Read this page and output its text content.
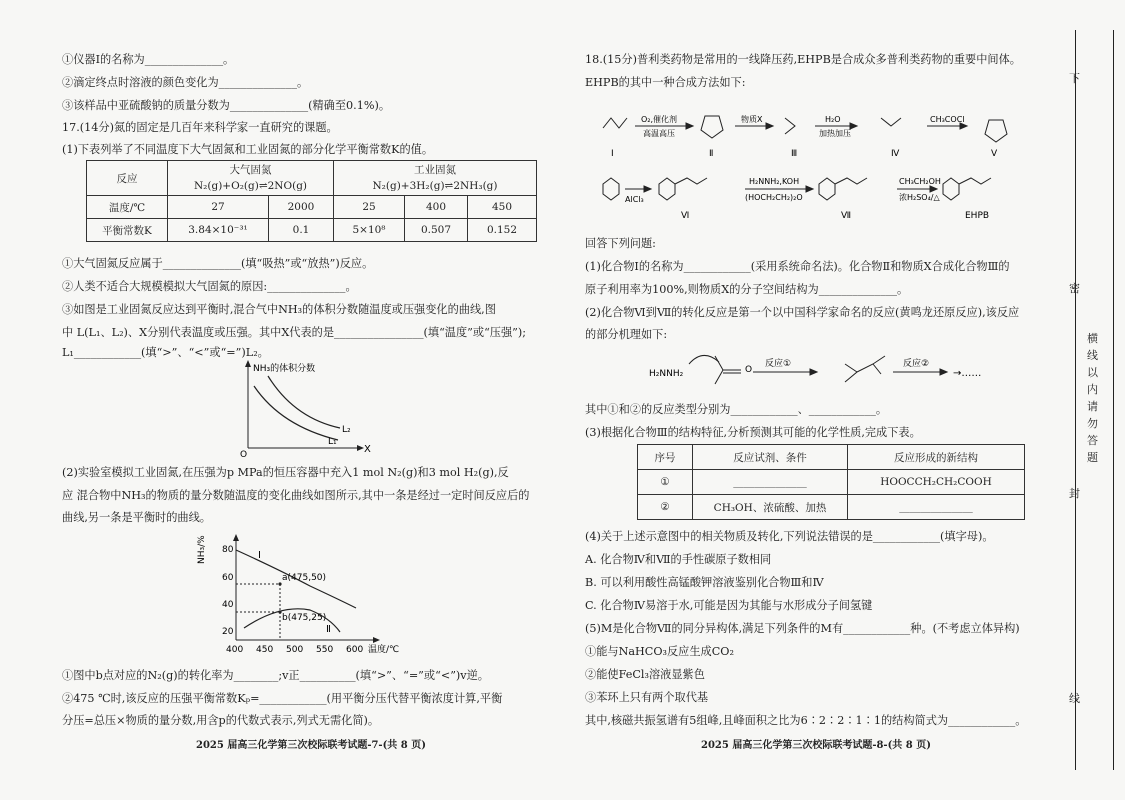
①仪器Ⅰ的名称为______________。
②滴定终点时溶液的颜色变化为______________。
③该样品中亚硫酸钠的质量分数为______________(精确至0.1%)。
17.(14分)氮的固定是几百年来科学家一直研究的课题。
(1)下表列举了不同温度下大气固氮和工业固氮的部分化学平衡常数K的值。
反应	大气固氮		工业固氮		
	N₂(g)+O₂(g)⇌2NO(g)		N₂(g)+3H₂(g)⇌2NH₃(g)		
温度/℃	27	2000	25	400	450
平衡常数K	3.84×10⁻³¹	0.1	5×10⁸	0.507	0.152
①大气固氮反应属于______________(填“吸热”或“放热”)反应。
②人类不适合大规模模拟大气固氮的原因:______________。
③如图是工业固氮反应达到平衡时,混合气中NH₃的体积分数随温度或压强变化的曲线,图
中 L(L₁、L₂)、X分别代表温度或压强。其中X代表的是________________(填“温度”或“压强”);
L₁____________(填“>”、“<”或“=”)L₂。
NH₃的体积分数
X
O
L₁
L₂
(2)实验室模拟工业固氮,在压强为p MPa的恒压容器中充入1 mol N₂(g)和3 mol H₂(g),反
应 混合物中NH₃的物质的量分数随温度的变化曲线如图所示,其中一条是经过一定时间反应后的
曲线,另一条是平衡时的曲线。
80
60
40
20
400 450 500 550 600
NH₃/%
温度/℃
Ⅰ
Ⅱ
a(475,50)
b(475,25)
①图中b点对应的N₂(g)的转化率为________;v正__________(填“>”、“=”或“<”)v逆。
②475 ℃时,该反应的压强平衡常数Kₚ=____________(用平衡分压代替平衡浓度计算,平衡
分压=总压×物质的量分数,用含p的代数式表示,列式无需化简)。
2025 届高三化学第三次校际联考试题-7-(共 8 页)
18.(15分)普利类药物是常用的一线降压药,EHPB是合成众多普利类药物的重要中间体。
EHPB的其中一种合成方法如下:
O₂,催化剂
高温高压
物质X	H₂O
加热加压
CH₃COCl
AlCl₃
H₂NNH₂,KOH
(HOCH₂CH₂)₂O
CH₃CH₂OH
浓H₂SO₄/△
Ⅰ	Ⅱ	Ⅲ	Ⅳ	Ⅴ
Ⅵ	Ⅶ	EHPB
回答下列问题:
(1)化合物Ⅰ的名称为____________(采用系统命名法)。化合物Ⅱ和物质X合成化合物Ⅲ的
原子利用率为100%,则物质X的分子空间结构为______________。
(2)化合物Ⅵ到Ⅶ的转化反应是第一个以中国科学家命名的反应(黄鸣龙还原反应),该反应
的部分机理如下:
H₂NNH₂	O
反应①	反应②
→……
其中①和②的反应类型分别为____________、____________。
(3)根据化合物Ⅲ的结构特征,分析预测其可能的化学性质,完成下表。
序号	反应试剂、条件	反应形成的新结构
①	______________	HOOCCH₂CH₂COOH
②	CH₃OH、浓硫酸、加热	______________
(4)关于上述示意图中的相关物质及转化,下列说法错误的是____________(填字母)。
A. 化合物Ⅳ和Ⅶ的手性碳原子数相同
B. 可以利用酸性高锰酸钾溶液鉴别化合物Ⅲ和Ⅳ
C. 化合物Ⅳ易溶于水,可能是因为其能与水形成分子间氢键
(5)M是化合物Ⅶ的同分异构体,满足下列条件的M有____________种。(不考虑立体异构)
①能与NaHCO₃反应生成CO₂
②能使FeCl₃溶液显紫色
③苯环上只有两个取代基
其中,核磁共振氢谱有5组峰,且峰面积之比为6∶2∶2∶1∶1的结构简式为____________。
2025 届高三化学第三次校际联考试题-8-(共 8 页)
下
密
封
线
横
线
以
内
请
勿
答
题
